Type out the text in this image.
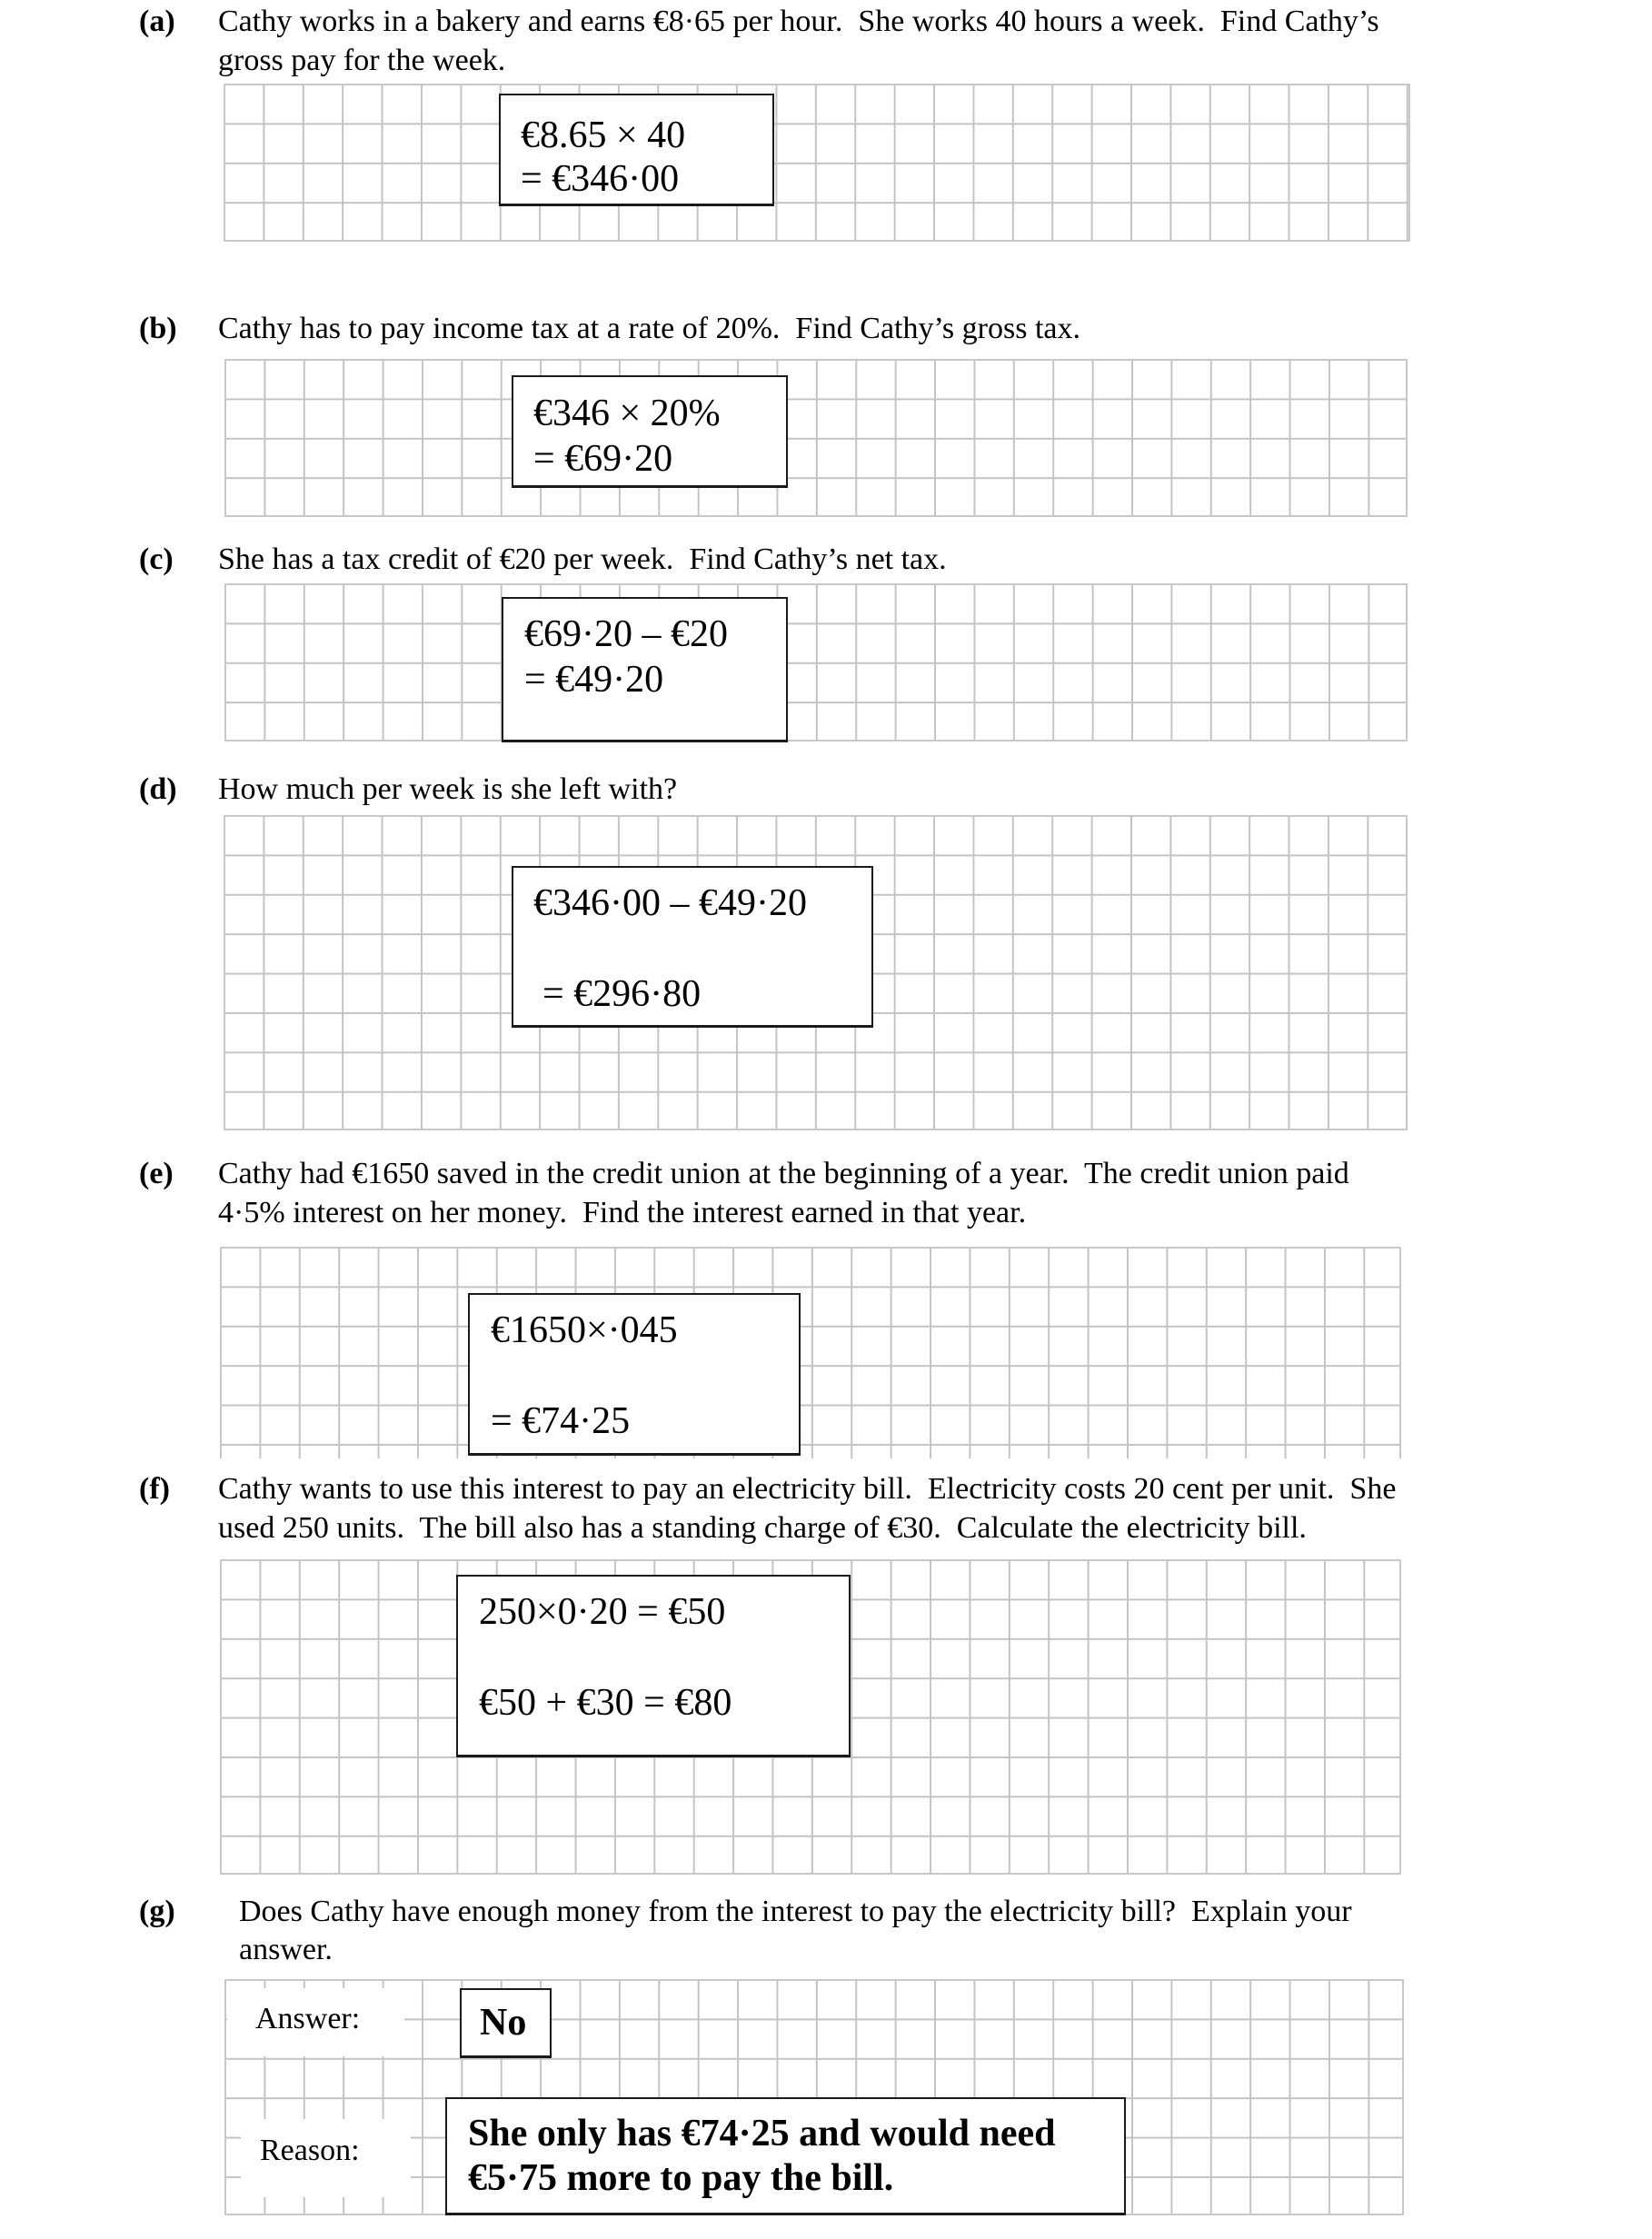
(a) Cathy works in a bakery and earns €8·65 per hour.  She works 40 hours a week.  Find Cathy’s
gross pay for the week.
€8.65 × 40
= €346·00
(b) Cathy has to pay income tax at a rate of 20%.  Find Cathy’s gross tax.
€346 × 20%
= €69·20
(c) She has a tax credit of €20 per week.  Find Cathy’s net tax.
€69·20 – €20
= €49·20
(d) How much per week is she left with?
€346·00 – €49·20
= €296·80
(e) Cathy had €1650 saved in the credit union at the beginning of a year.  The credit union paid
4·5% interest on her money.  Find the interest earned in that year.
€1650×·045
= €74·25
(f) Cathy wants to use this interest to pay an electricity bill.  Electricity costs 20 cent per unit.  She
used 250 units.  The bill also has a standing charge of €30.  Calculate the electricity bill.
250×0·20 = €50
€50 + €30 = €80
(g) Does Cathy have enough money from the interest to pay the electricity bill?  Explain your
answer.
Answer:	No
Reason:	She only has €74·25 and would need
€5·75 more to pay the bill.
